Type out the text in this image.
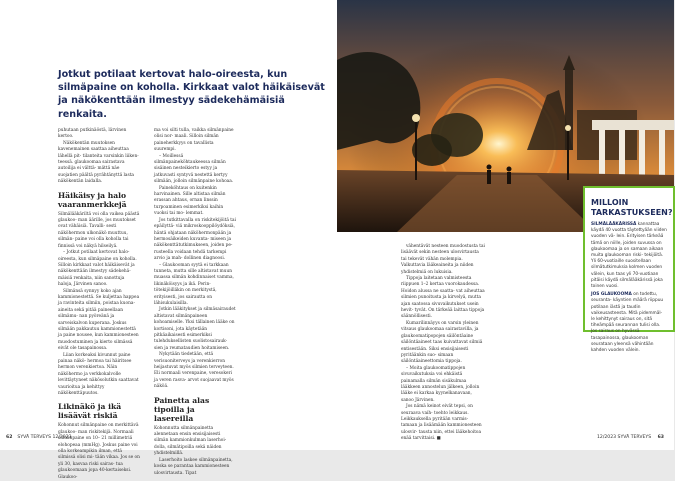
Jotkut potilaat kertovat halo-oireesta, kun silmäpaine on koholla. Kirkkaat valot häikäisevät ja näkökenttään ilmestyy sädekehämäisiä renkaita.

puhutaan putkinäöstä, lärvinen kertoo.

Näkökentän muutoksen kavenemainen saattaa aiheuttaa lähellä pit- tilanteita varsinkin liiken- teessä. glaukoomaa sairastava autoilija ei välttä- mättä näe suojatien päältä pyrähtänyttä lasta näkökentän laidalla.

Häikäisy ja halo vaaranmerkkejä

Silmälääkäriltä voi olla vaikea päästä glaukoo- man äärille, jos muutokset ovat vähäisiä. Tavalli- sesti näköhermon ulkonäkö muuttuu, silmän- paine voi olla koholla tai finnissä voi näkyä hilseilyä.

– Jotkut potilaat kertovat halo-oireesta, kun silmäpaine on koholla. Silloin kirkkaat valot häikäisevät ja näkökenttään ilmestyy sädekehä- mäisiä renkaita, niin sanottuja haloja, Järvinen sanoo.

Silmänsä synnyy koko ajan kammionestettä. Se kuljettaa happea ja ravinteita silmiin, poistaa kuona-aineita sekä pitää paineellaan silmämu- nan pyöreänä ja sarveiskalvon kuperana. Joskus silmään pakkautuu kammionestettä ja paine nousee, kun kammionesteen muodostuminen ja kierto silmässä eivät ole tasapainossa.

Liian korkeaksi kivunnut paine painaa näkö- hermoa tai häiritsee hermon verenkiertoa. Näin näköhermo ja verkkokalvolle levittäytyneet näkösolutkin saattavat vaurioitua ja kehittyy näkökenttäpuutos.

Likinäkö ja ikä lisäävät riskiä

Kohonnut silmänpaine on merkittävä glaukoo- man riskitekijä. Normaali silmänpaine on 10– 21 millimetriä elohopeaa (mmHg). Joskus paine voi olla korkeampikin ilman, että silmissä olisi mi- tään vikaa. Jos se on yli 30, kasvaa riski sairas- tua glaukoomaan jopa 40-kertaiseksi. Glaukoo-

ma voi silti tulla, vaikka silmänpaine olisi nor- maali. Silloin silmän paineherkkyys on tavallista suurempi.

– Moillessä silmänpaineköhtaukeessa silmän sisäinen nesteikierto estyy ja jatkuvasti syntyvä nestettä kertyy silmään, jolloin silmänpaine kohoaa.

Paineköhtaus on kuitenkin harvinainen. Sille altistaa silmän erassan ahtaus, ornan linssin turpoaminen esimerkiksi kaihin vuoksi tai mo- lemmat.

Jos tutkittavalla on riskitekijöitä tai epäilyttä- viä mikroskooppilöydöksiä, häntä ohjataan näköhermonpään ja hermosäikeiden kuvanta- miseen ja näkökenttätutkimukseen, joiden pe- rusteella voidaan tehdä tarkempi arvio ja mah- dollinen diagnoosi.

– Glaukooman syytä ei tarkkaan tunneta, mutta sille altistavat muun muassa silmän kohdinnaiset vamma, likinäköisyys ja ikä. Perin- tötekijöilläkin on merkitystä, erityisesti, jos sairautta on lähisukulaisilla.

Jotkin lääkitykset ja silmäsairaudet altistavat silmänpaineen kohoamiselle. Yksi tällainen lääke on kortisoni, jota käytetään pitkäaikaisesti esimerkiksi tulehduksellisten suolistosairauk- sien ja reumataudien hoitamiseen.

Nykytään tiedetään, että verisuoniterveys ja verenkierron heijastuvat myös silmien terveyteen. Eli normaali verenpaine, veresokeri ja veren rasva- arvot suojaavat myös näköä.

Painetta alas tipoilla ja lasereilla

Kohonnutta silmänpainetta alennetaan ensin ensisijaisesti silmän kammionkulman laserhoi- dolla, silmätipoilla sekä näiden yhdistelmillä.

Laserhoito laskee silmänpainetta, koska se parantaa kammionesteen ulosvirtausta. Tipat

62 SYVÄ TERVEYS 12/2023

vähentävät nesteen muodostusta tai lisäävät sekin nesteen ulosvirtausta tai tekevät vähän molempia. Valkuttavia lääkeaineita ja niiden yhdistelmiä on lukuisia.

Tippoja laitetaan valmisteesta riippuen 1–2 kertaa vuorokaudessa. Hoidon alussa ne saatta- vat aiheuttaa silmien punoitusta ja kirvelyä, mutta ajan saatossa sivuvaikutukset usein hevit- tyvät. On tärkeää laittaa tippoja säännöllisesti.

Kumarilinnäyys on varsin yleinen vitsaus glaukoomaa sairastavilla, ja glaukoomatipopojen säilöntäaine säilöntäaineet taas kuivattavat silmiä entisestään. Siksi ensisijaisesti pyritäänkin suo- simaan säilöntäaineettomia tippoja.

– Moita glaukoomatippojen sivuvaikutuksia voi ehkäistä painamalla silmän sisäkulmaa lääkkeen annostelun jälkeen, jolloin lääke ei karkaa kyynelkanavaan, sanoo Järvinen.

Jos nämä keinot eivät tepsi, on seuraava vaih- toehto leikkaus. Leikkauksella pyritään varmis- tamaan ja lisäämään kammionesteen ulosvir- tausta niin, ettei lääkehoitoa enää tarvittaisi. ■

MILLOIN TARKASTUKSEEN?

SILMÄLÄÄKÄRISSÄ kannattaa käydä 40 vuotta täytettyään viiden vuoden vä- lein. Erityisen tärkeää tämä on niille, joiden suvussa on glaukoomaa ja on samaan aikaan muita glaukooman riski- tekijöitä. Yli 60-vuotiaille suositellaan silmätutkimuksia kolmen vuoden välein, kun taas yli 70-vuotiaan pitäisi käydä silmälääkärissä joka toinen vuosi.

JOS GLAUKOOMA on todettu, seuranta- käyntien määrä riippuu potilaan iästä ja taudin vaikeusasteesta. Mitä pidemmäl- le kehittynyt sairaus on, sitä tiheämpää seurannan tulisi olla. Jos sairaus on hyvässä tasapainossa, glaukooman seurataan yleensä vähintään kahden vuoden välein.

12/2023 SYVÄ TERVEYS 63
